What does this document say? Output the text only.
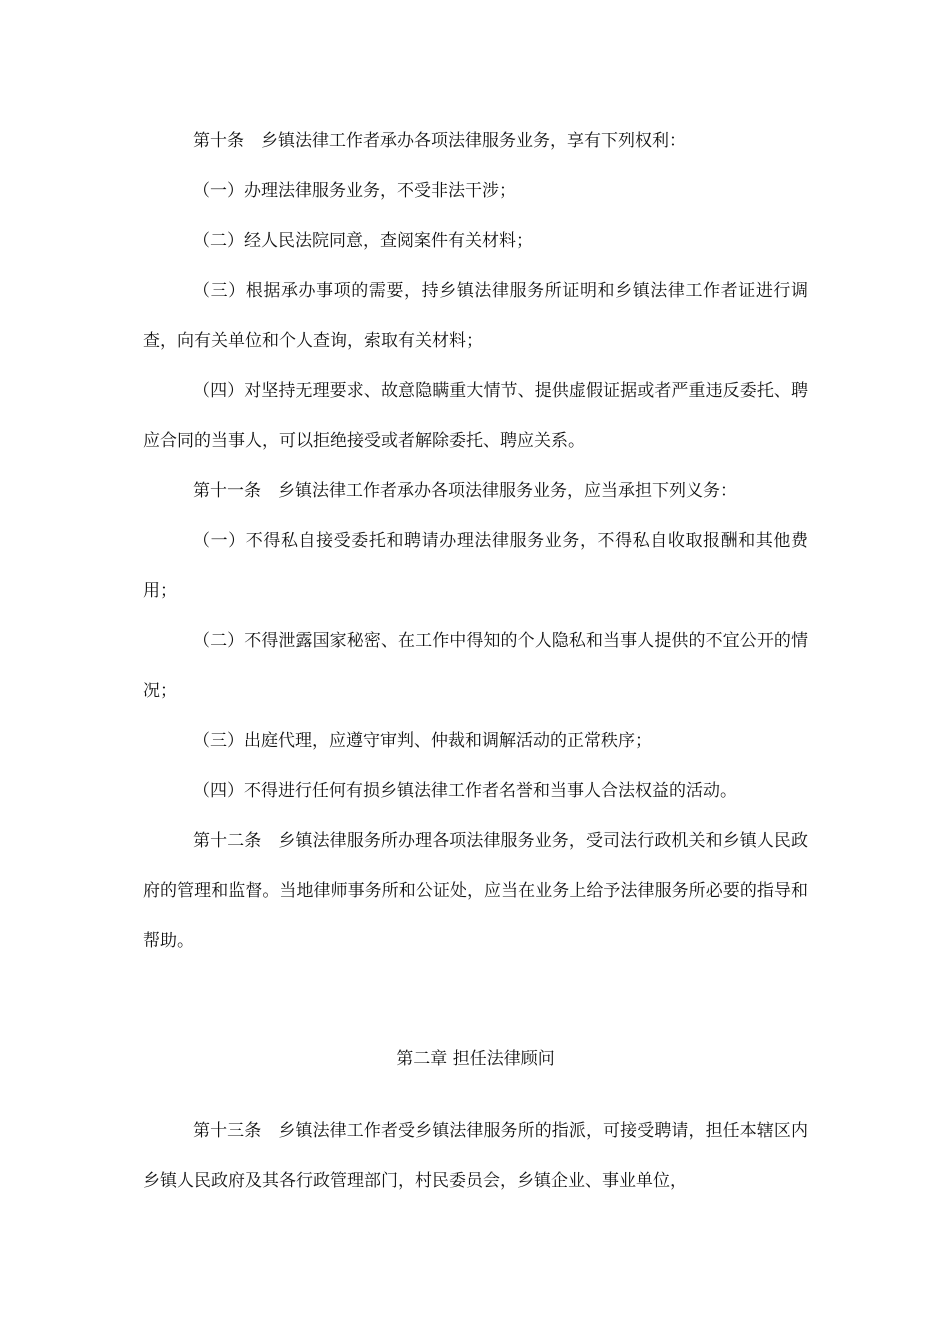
第十条　乡镇法律工作者承办各项法律服务业务，享有下列权利：

（一）办理法律服务业务，不受非法干涉；

（二）经人民法院同意，查阅案件有关材料；

（三）根据承办事项的需要，持乡镇法律服务所证明和乡镇法律工作者证进行调查，向有关单位和个人查询，索取有关材料；

（四）对坚持无理要求、故意隐瞒重大情节、提供虚假证据或者严重违反委托、聘应合同的当事人，可以拒绝接受或者解除委托、聘应关系。

第十一条　乡镇法律工作者承办各项法律服务业务，应当承担下列义务：

（一）不得私自接受委托和聘请办理法律服务业务，不得私自收取报酬和其他费用；

（二）不得泄露国家秘密、在工作中得知的个人隐私和当事人提供的不宜公开的情况；

（三）出庭代理，应遵守审判、仲裁和调解活动的正常秩序；

（四）不得进行任何有损乡镇法律工作者名誉和当事人合法权益的活动。

第十二条　乡镇法律服务所办理各项法律服务业务，受司法行政机关和乡镇人民政府的管理和监督。当地律师事务所和公证处，应当在业务上给予法律服务所必要的指导和帮助。

第二章 担任法律顾问

第十三条　乡镇法律工作者受乡镇法律服务所的指派，可接受聘请，担任本辖区内乡镇人民政府及其各行政管理部门，村民委员会，乡镇企业、事业单位，
